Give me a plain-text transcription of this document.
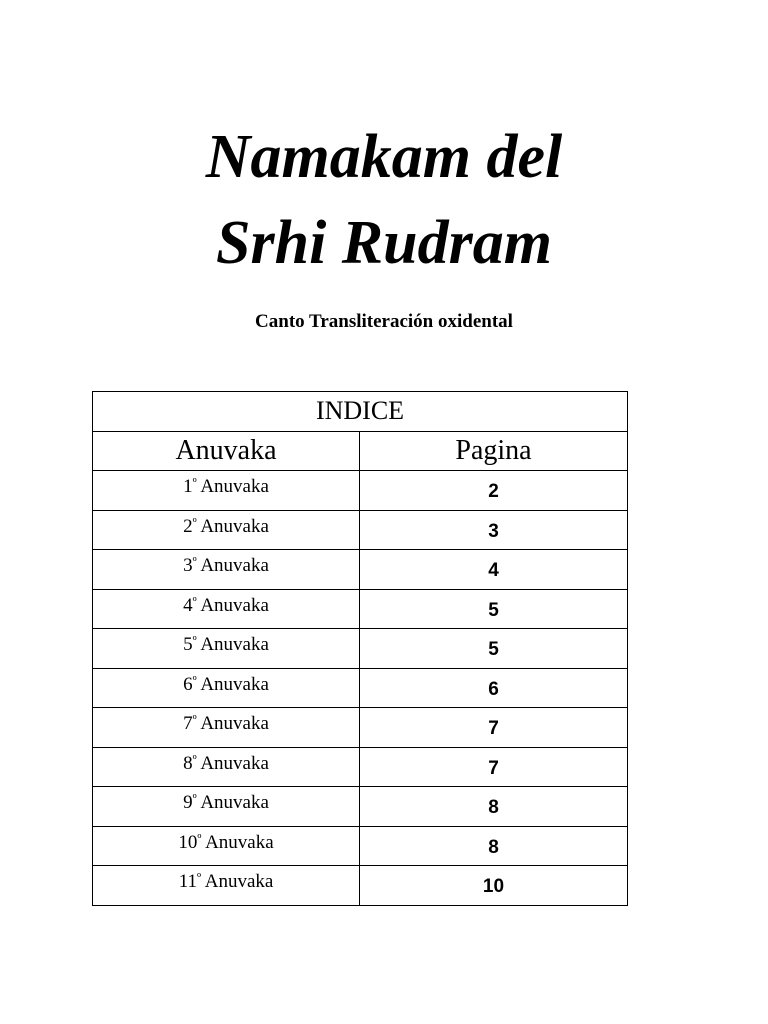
Namakam del
Srhi Rudram

Canto Transliteración oxidental

INDICE	
Anuvaka	Pagina
$1^º$ Anuvaka	2
$2^º$ Anuvaka	3
$3^º$ Anuvaka	4
$4^º$ Anuvaka	5
$5^º$ Anuvaka	5
$6^º$ Anuvaka	6
$7^º$ Anuvaka	7
$8^º$ Anuvaka	7
$9^º$ Anuvaka	8
$10^º$ Anuvaka	8
$11^º$ Anuvaka	10
